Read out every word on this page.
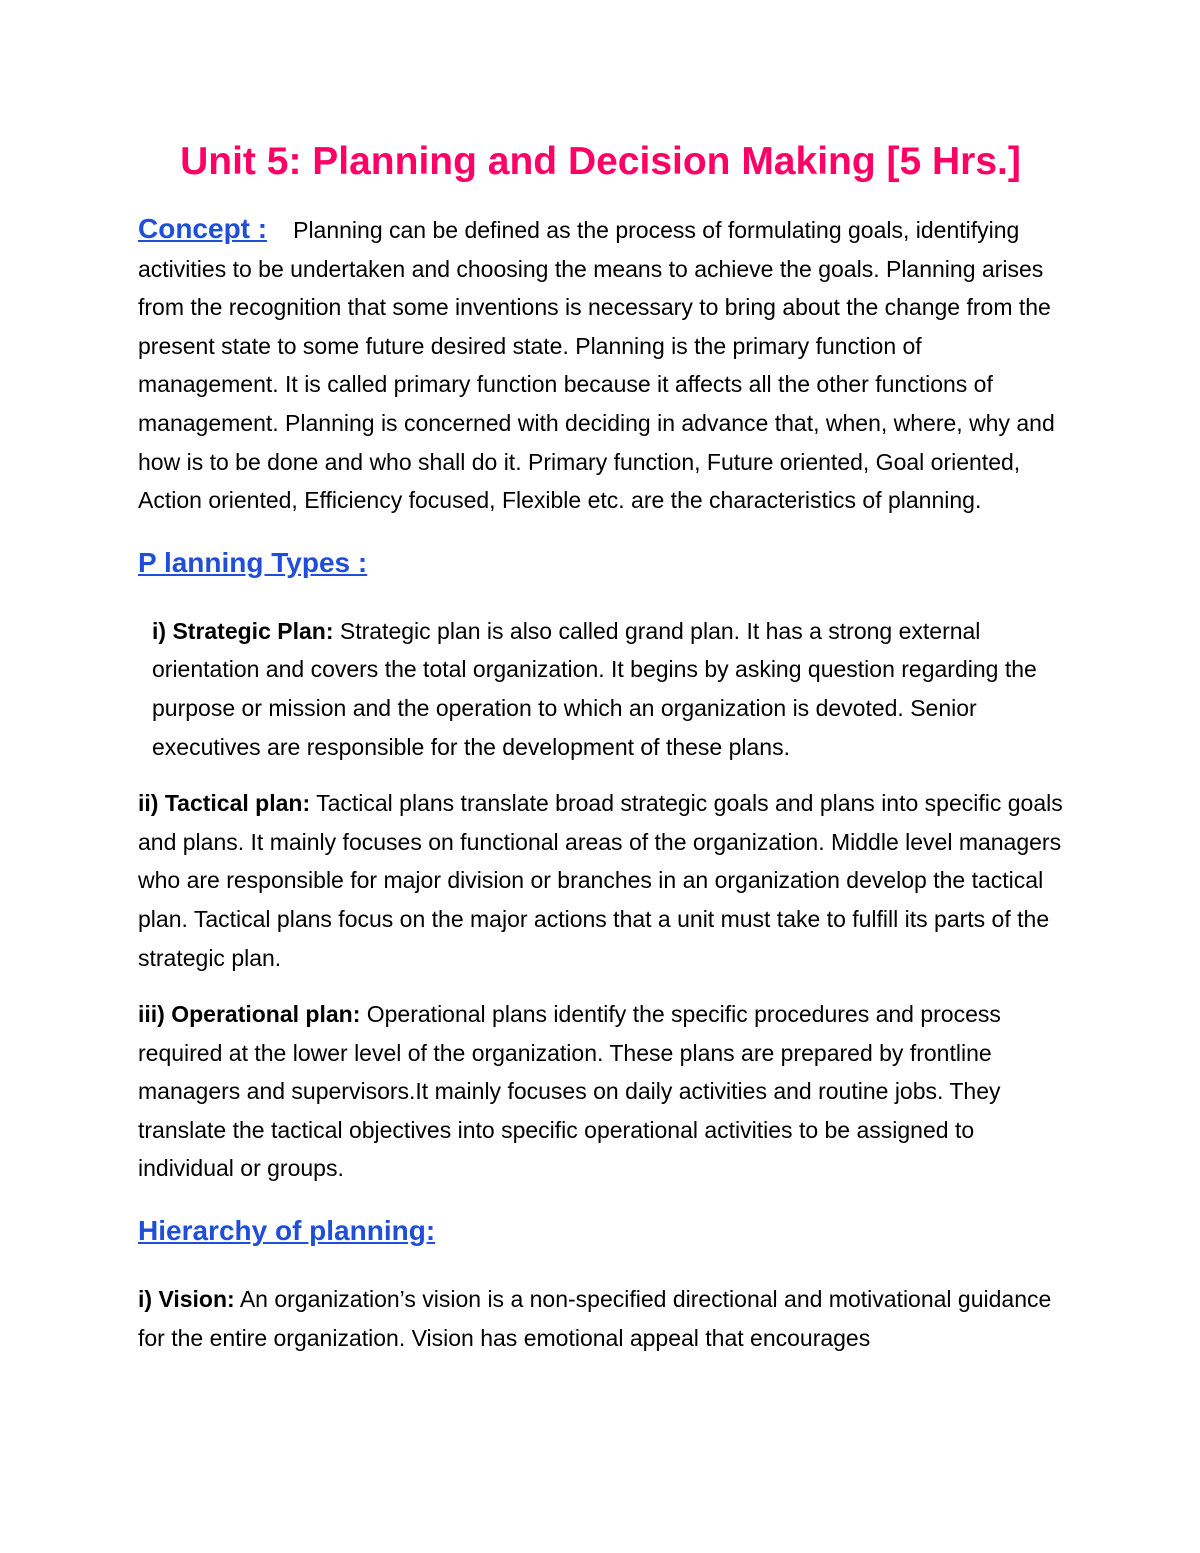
Unit 5: Planning and Decision Making [5 Hrs.]

Concept : Planning can be defined as the process of formulating goals, identifying activities to be undertaken and choosing the means to achieve the goals. Planning arises from the recognition that some inventions is necessary to bring about the change from the present state to some future desired state. Planning is the primary function of management. It is called primary function because it affects all the other functions of management. Planning is concerned with deciding in advance that, when, where, why and how is to be done and who shall do it. Primary function, Future oriented, Goal oriented, Action oriented, Efficiency focused, Flexible etc. are the characteristics of planning.

P lanning Types :

i) Strategic Plan: Strategic plan is also called grand plan. It has a strong external orientation and covers the total organization. It begins by asking question regarding the purpose or mission and the operation to which an organization is devoted. Senior executives are responsible for the development of these plans.

ii) Tactical plan: Tactical plans translate broad strategic goals and plans into specific goals and plans. It mainly focuses on functional areas of the organization. Middle level managers who are responsible for major division or branches in an organization develop the tactical plan. Tactical plans focus on the major actions that a unit must take to fulfill its parts of the strategic plan.

iii) Operational plan: Operational plans identify the specific procedures and process required at the lower level of the organization. These plans are prepared by frontline managers and supervisors.It mainly focuses on daily activities and routine jobs. They translate the tactical objectives into specific operational activities to be assigned to individual or groups.

Hierarchy of planning:

i) Vision: An organization’s vision is a non-specified directional and motivational guidance for the entire organization. Vision has emotional appeal that encourages
